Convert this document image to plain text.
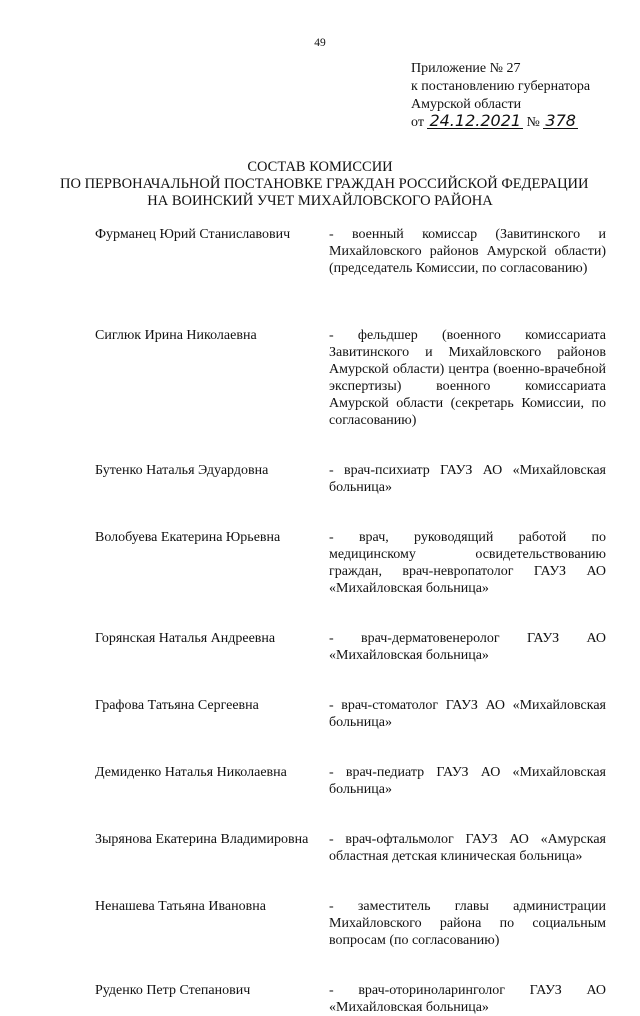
49
Приложение № 27
к постановлению губернатора
Амурской области
от 24.12.2021 № 378
СОСТАВ КОМИССИИ
ПО ПЕРВОНАЧАЛЬНОЙ ПОСТАНОВКЕ ГРАЖДАН РОССИЙСКОЙ ФЕДЕРАЦИИ
НА ВОИНСКИЙ УЧЕТ МИХАЙЛОВСКОГО РАЙОНА
Фурманец Юрий Станиславович	- военный комиссар (Завитинского и Михайловского районов Амурской области) (председатель Комиссии, по согласованию)
Сиглюк Ирина Николаевна	- фельдшер (военного комиссариата Завитинского и Михайловского районов Амурской области) центра (военно-врачебной экспертизы) военного комиссариата Амурской области (секретарь Комиссии, по согласованию)
Бутенко Наталья Эдуардовна	- врач-психиатр ГАУЗ АО «Михайловская больница»
Волобуева Екатерина Юрьевна	- врач, руководящий работой по медицинскому освидетельствованию граждан, врач-невропатолог ГАУЗ АО «Михайловская больница»
Горянская Наталья Андреевна	- врач-дерматовенеролог ГАУЗ АО «Михайловская больница»
Графова Татьяна Сергеевна	- врач-стоматолог ГАУЗ АО «Михайловская больница»
Демиденко Наталья Николаевна	- врач-педиатр ГАУЗ АО «Михайловская больница»
Зырянова Екатерина Владимировна - врач-офтальмолог ГАУЗ АО «Амурская областная детская клиническая больница»
Ненашева Татьяна Ивановна	- заместитель главы администрации Михайловского района по социальным вопросам (по согласованию)
Руденко Петр Степанович	- врач-оториноларинголог ГАУЗ АО «Михайловская больница»
